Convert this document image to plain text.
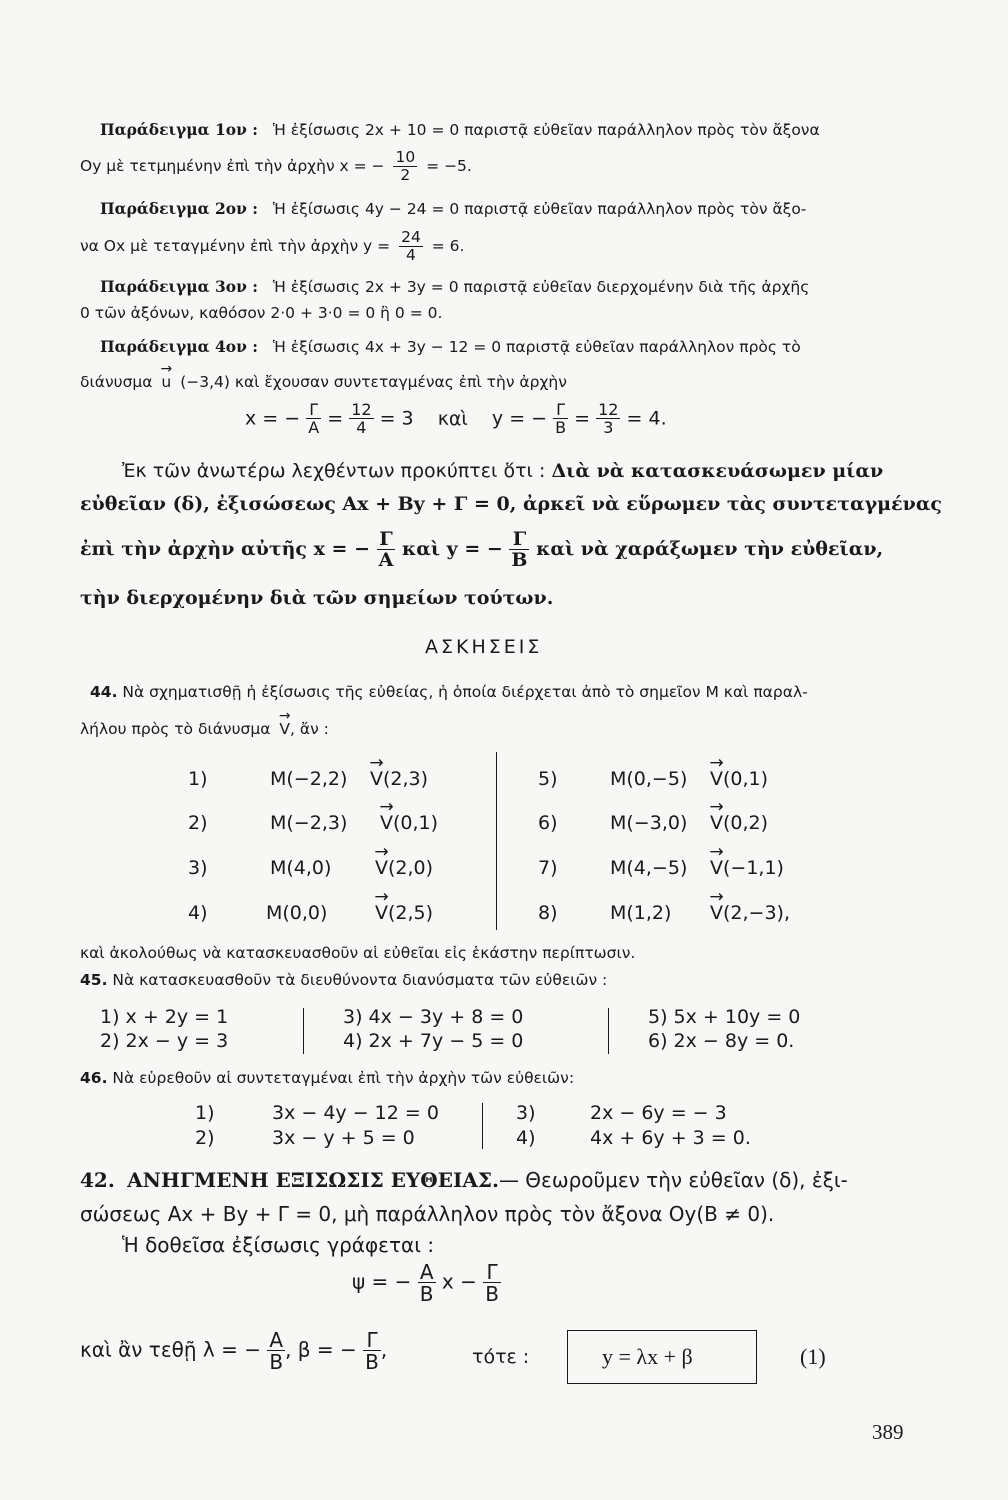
Παράδειγμα 1ον : Ἡ ἐξίσωσις 2x + 10 = 0 παριστᾷ εὐθεῖαν παράλληλον πρὸς τὸν ἄξονα
Oy μὲ τετμημένην ἐπὶ τὴν ἀρχὴν x = − $\frac{10}{2} = -5$.
Παράδειγμα 2ον : Ἡ ἐξίσωσις 4y − 24 = 0 παριστᾷ εὐθεῖαν παράλληλον πρὸς τὸν ἄξο-
να Ox μὲ τεταγμένην ἐπὶ τὴν ἀρχὴν $y = \frac{24}{4} = 6$.
Παράδειγμα 3ον : Ἡ ἐξίσωσις 2x + 3y = 0 παριστᾷ εὐθεῖαν διερχομένην διὰ τῆς ἀρχῆς
0 τῶν ἀξόνων, καθόσον 2·0 + 3·0 = 0 ἢ 0 = 0.
Παράδειγμα 4ον : Ἡ ἐξίσωσις 4x + 3y − 12 = 0 παριστᾷ εὐθεῖαν παράλληλον πρὸς τὸ
διάνυσμα → u (−3,4) καὶ ἔχουσαν συντεταγμένας ἐπὶ τὴν ἀρχὴν
x = − $\frac{\Gamma}{A} = \frac{12}{4} = 3$ καὶ y = − $\frac{\Gamma}{B} = \frac{12}{3} = 4$.
Ἐκ τῶν ἀνωτέρω λεχθέντων προκύπτει ὅτι : Διὰ νὰ κατασκευάσωμεν μίαν
εὐθεῖαν (δ), ἐξισώσεως Ax + By + Γ = 0, ἀρκεῖ νὰ εὕρωμεν τὰς συντεταγμένας
ἐπὶ τὴν ἀρχὴν αὐτῆς x = − $\frac{\Gamma}{A}$ καὶ y = − $\frac{\Gamma}{B}$ καὶ νὰ χαράξωμεν τὴν εὐθεῖαν,
τὴν διερχομένην διὰ τῶν σημείων τούτων.
ΑΣΚΗΣΕΙΣ
44. Νὰ σχηματισθῇ ἡ ἐξίσωσις τῆς εὐθείας, ἡ ὁποία διέρχεται ἀπὸ τὸ σημεῖον M καὶ παραλ-
λήλου πρὸς τὸ διάνυσμα → V, ἄν :
1)	M(−2,2) → V(2,3)
2)	M(−2,3) → V(0,1)
3)	M(4,0) → V(2,0)
4)	M(0,0)	→ V(2,5)
5)	M(0,−5) → V(0,1)
6)	M(−3,0) → V(0,2)
7)	M(4,−5) → V(−1,1)
8)	M(1,2) → V(2,−3),
καὶ ἀκολούθως νὰ κατασκευασθοῦν αἱ εὐθεῖαι εἰς ἑκάστην περίπτωσιν.
45. Νὰ κατασκευασθοῦν τὰ διευθύνοντα διανύσματα τῶν εὐθειῶν :
1) x + 2y = 1
2) 2x − y = 3
3) 4x − 3y + 8 = 0
4) 2x + 7y − 5 = 0
5) 5x + 10y = 0
6) 2x − 8y = 0.
46. Νὰ εὑρεθοῦν αἱ συντεταγμέναι ἐπὶ τὴν ἀρχὴν τῶν εὐθειῶν:
1)	3x − 4y − 12 = 0
2)	3x − y + 5 = 0
3)	2x − 6y = − 3
4)	4x + 6y + 3 = 0.
42. ΑΝΗΓΜΕΝΗ ΕΞΙΣΩΣΙΣ ΕΥΘΕΙΑΣ.— Θεωροῦμεν τὴν εὐθεῖαν (δ), ἐξι-
σώσεως Ax + By + Γ = 0, μὴ παράλληλον πρὸς τὸν ἄξονα Oy(B ≠ 0).
Ἡ δοθεῖσα ἐξίσωσις γράφεται :
ψ = − $\frac{A}{B}$ $x - \frac{\Gamma}{B}$
καὶ ἂν τεθῇ λ = − $\frac{A}{B}$ , β = − $\frac{\Gamma}{B}$ ,	τότε :	y = λx + β	(1)
389
